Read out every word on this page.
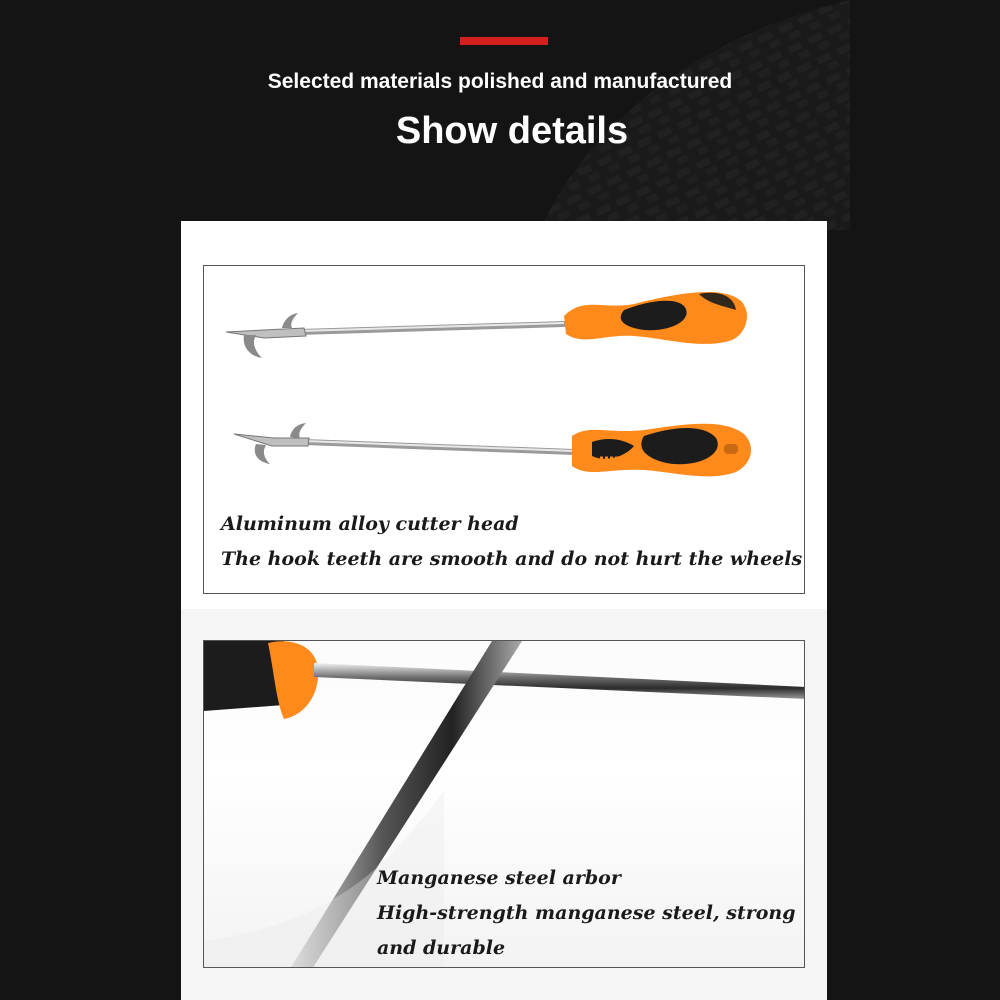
Selected materials polished and manufactured
Show details
Aluminum alloy cutter head
The hook teeth are smooth and do not hurt the wheels
Manganese steel arbor
High-strength manganese steel, strong
and durable
